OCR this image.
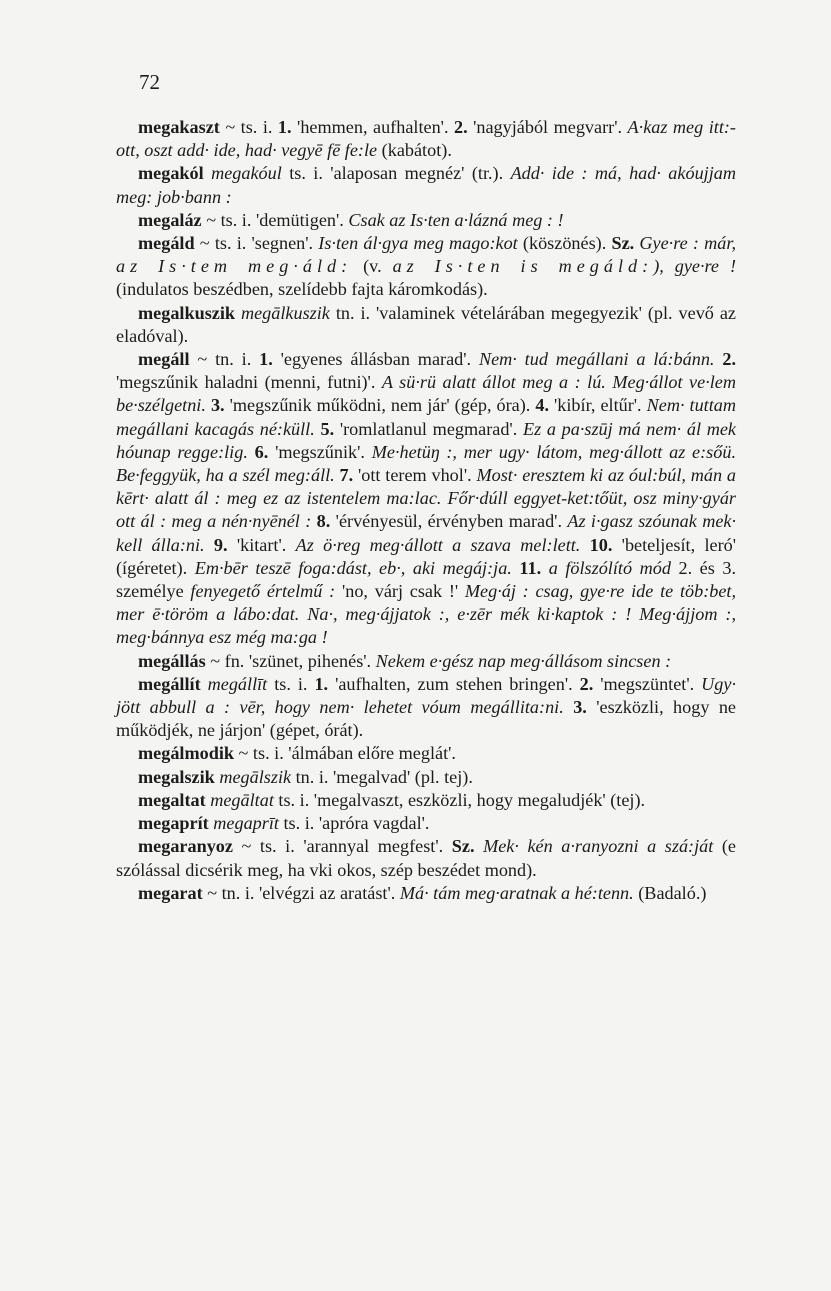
72

megakaszt ~ ts. i. 1. 'hemmen, aufhalten'. 2. 'nagyjából megvarr'. A·kaz meg itt:-ott, oszt add· ide, had· vegyē fē fe:le (kabátot).

megakól megakóul ts. i. 'alaposan megnéz' (tr.). Add· ide : má, had· akóujjam meg: job·bann :

megaláz ~ ts. i. 'demütigen'. Csak az Is·ten a·lázná meg : !

megáld ~ ts. i. 'segnen'. Is·ten ál·gya meg mago:kot (köszönés). Sz. Gye·re : már, az Is·tem meg·áld: (v. az Is·ten is megáld:), gye·re ! (indulatos beszédben, szelídebb fajta káromkodás).

megalkuszik megālkuszik tn. i. 'valaminek vételárában megegyezik' (pl. vevő az eladóval).

megáll ~ tn. i. 1. 'egyenes állásban marad'. Nem· tud megállani a lá:bánn. 2. 'megszűnik haladni (menni, futni)'. A sü·rü alatt állot meg a : lú. Meg·állot ve·lem be·szélgetni. 3. 'megszűnik működni, nem jár' (gép, óra). 4. 'kibír, eltűr'. Nem· tuttam megállani kacagás né:küll. 5. 'romlatlanul megmarad'. Ez a pa·szūj má nem· ál mek hóunap regge:lig. 6. 'megszűnik'. Me·hetüŋ :, mer ugy· látom, meg·állott az e:sőü. Be·feggyük, ha a szél meg:áll. 7. 'ott terem vhol'. Most· eresztem ki az óul:búl, mán a kērt· alatt ál : meg ez az istentelem ma:lac. Főr·dúll eggyet-ket:tőüt, osz miny·gyár ott ál : meg a nén·nyēnél : 8. 'érvényesül, érvényben marad'. Az i·gasz szóunak mek· kell álla:ni. 9. 'kitart'. Az ö·reg meg·állott a szava mel:lett. 10. 'beteljesít, leró' (ígéretet). Em·bēr teszē foga:dást, eb·, aki megáj:ja. 11. a fölszólító mód 2. és 3. személye fenyegető értelmű : 'no, várj csak !' Meg·áj : csag, gye·re ide te töb:bet, mer ē·töröm a lábo:dat. Na·, meg·ájjatok :, e·zēr mék ki·kaptok : ! Meg·ájjom :, meg·bánnya esz még ma:ga !

megállás ~ fn. 'szünet, pihenés'. Nekem e·gész nap meg·állásom sincsen :

megállít megállīt ts. i. 1. 'aufhalten, zum stehen bringen'. 2. 'megszüntet'. Ugy· jött abbull a : vēr, hogy nem· lehetet vóum megállita:ni. 3. 'eszközli, hogy ne működjék, ne járjon' (gépet, órát).

megálmodik ~ ts. i. 'álmában előre meglát'.

megalszik megālszik tn. i. 'megalvad' (pl. tej).

megaltat megāltat ts. i. 'megalvaszt, eszközli, hogy megaludjék' (tej).

megaprít megaprīt ts. i. 'apróra vagdal'.

megaranyoz ~ ts. i. 'arannyal megfest'. Sz. Mek· kén a·ranyozni a szá:ját (e szólással dicsérik meg, ha vki okos, szép beszédet mond).

megarat ~ tn. i. 'elvégzi az aratást'. Má· tám meg·aratnak a hé:tenn. (Badaló.)
